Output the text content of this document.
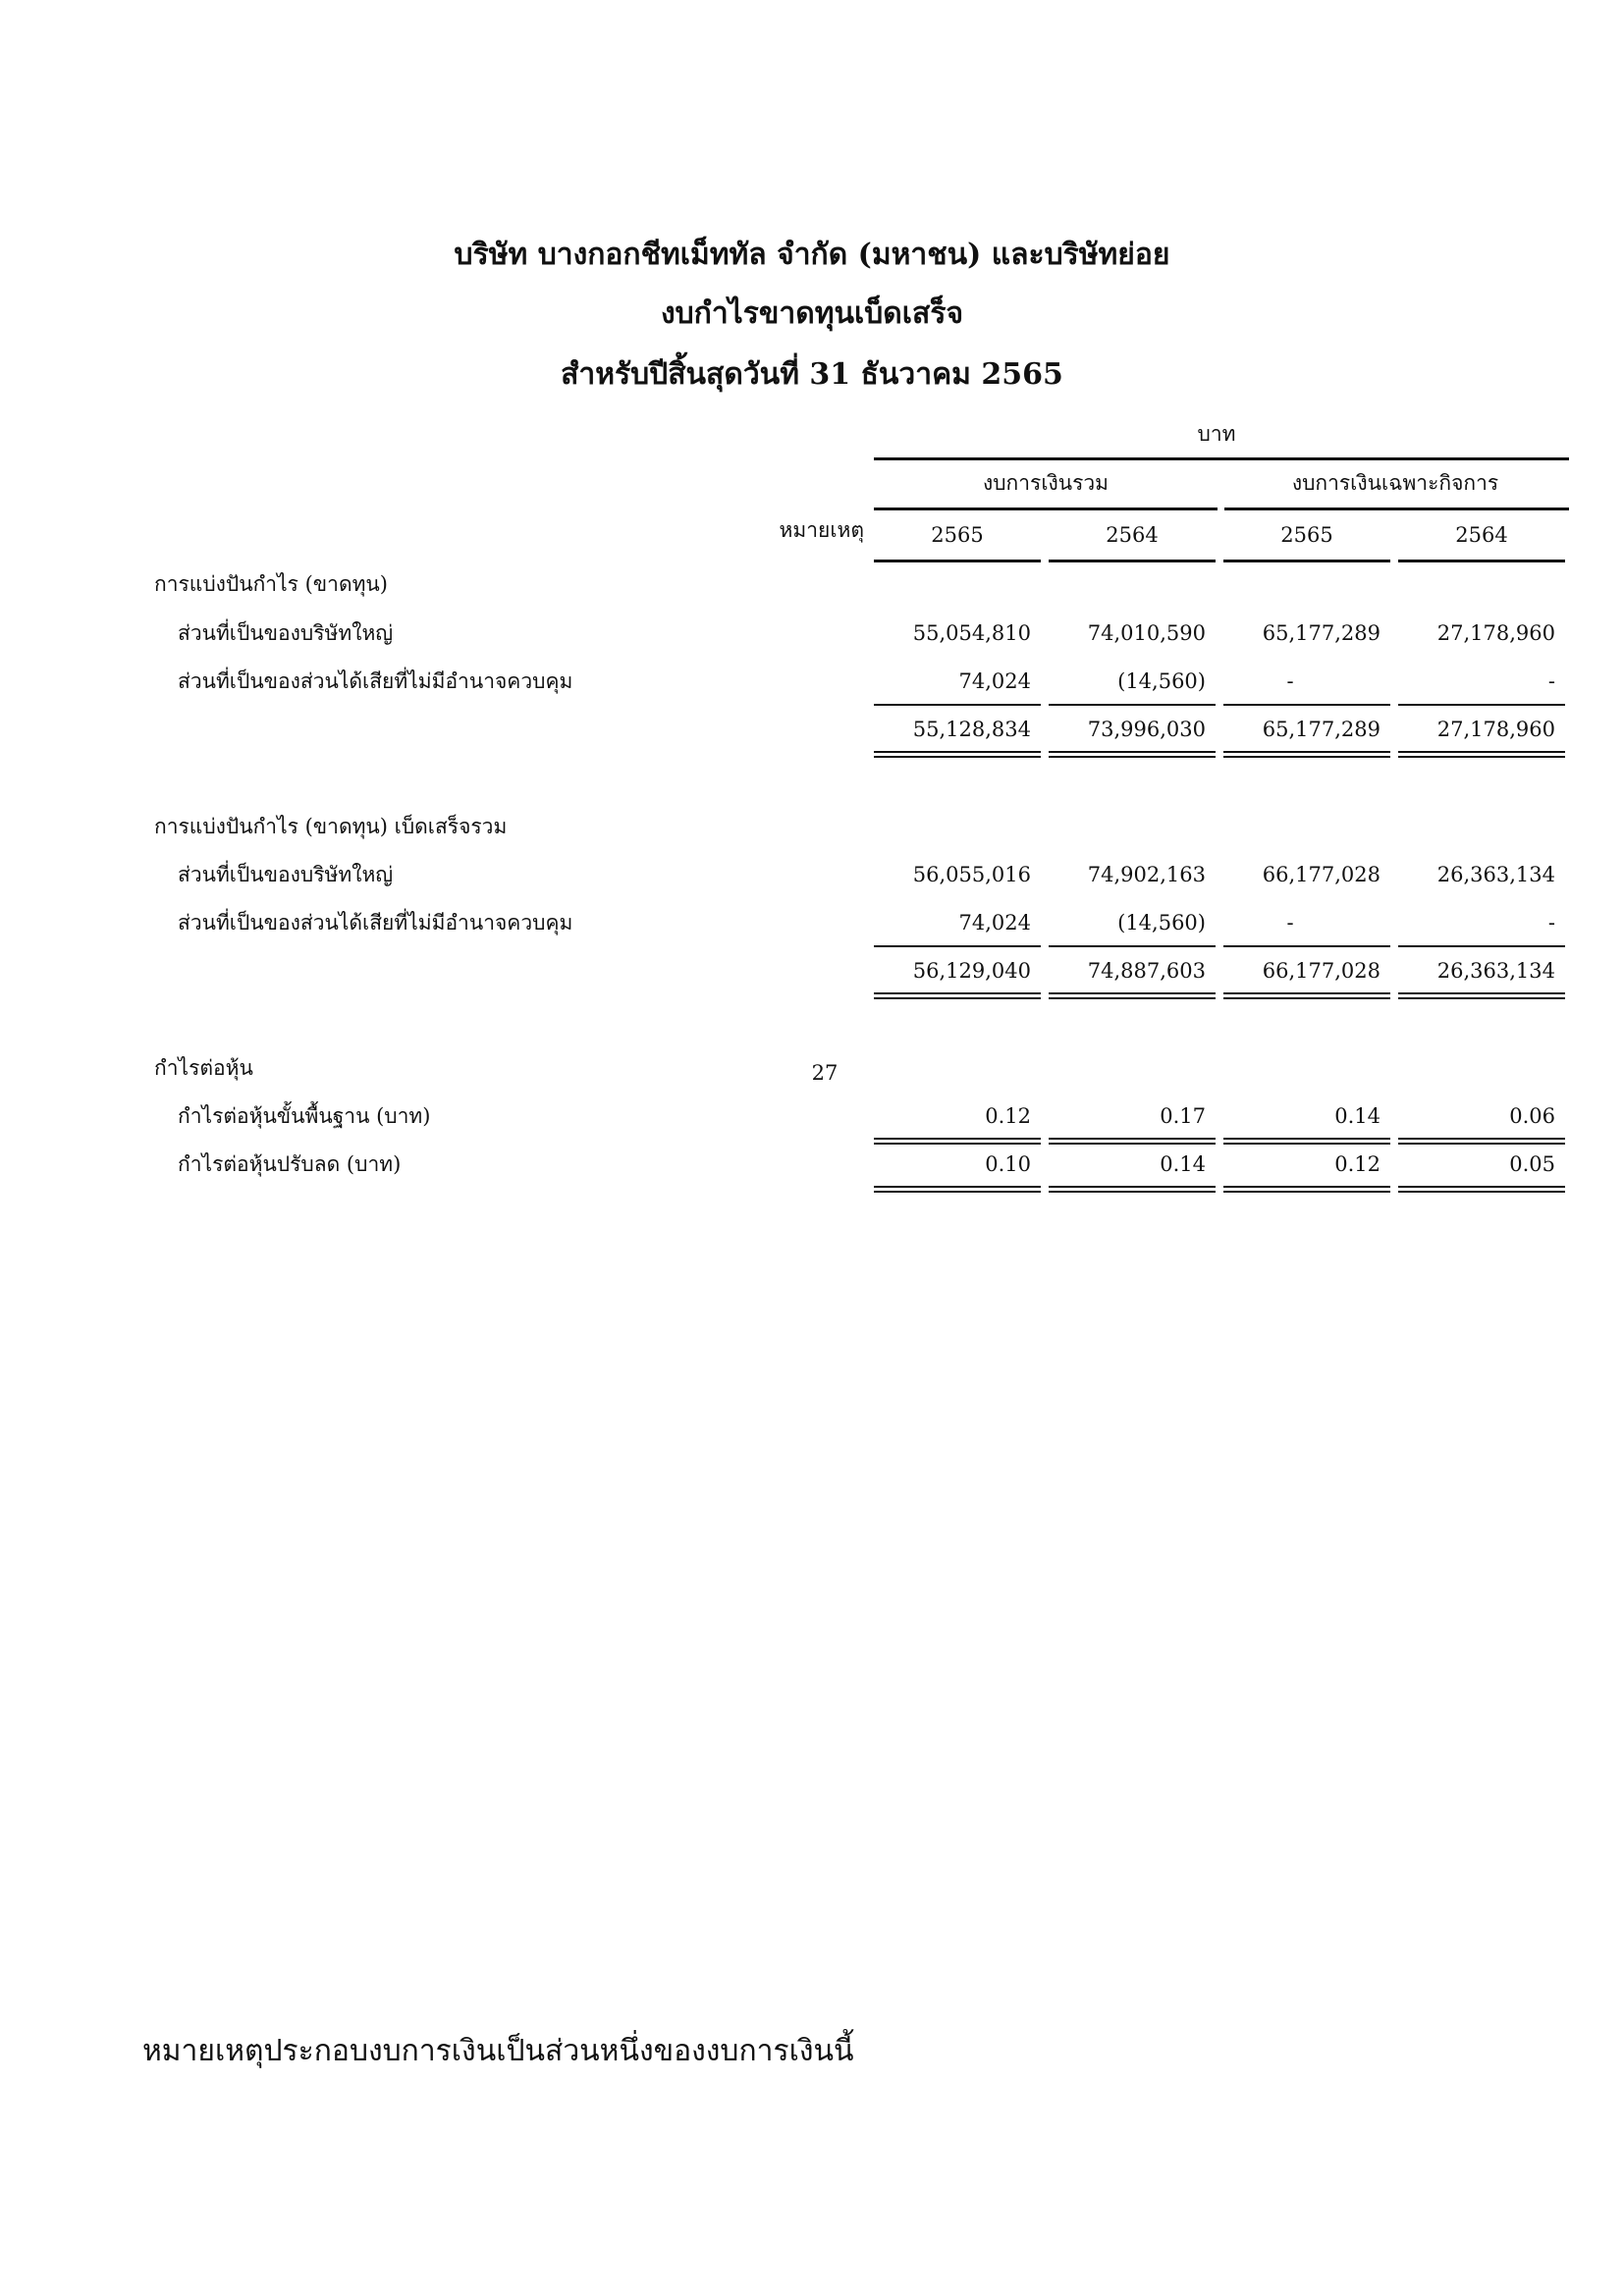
บริษัท บางกอกชีทเม็ททัล จำกัด (มหาชน) และบริษัทย่อย
งบกำไรขาดทุนเบ็ดเสร็จ
สำหรับปีสิ้นสุดวันที่ 31 ธันวาคม 2565
บาท
งบการเงินรวม	งบการเงินเฉพาะกิจการ
หมายเหตุ	2565	2564	2565	2564
การแบ่งปันกำไร (ขาดทุน)
ส่วนที่เป็นของบริษัทใหญ่	55,054,810	74,010,590	65,177,289	27,178,960
ส่วนที่เป็นของส่วนได้เสียที่ไม่มีอำนาจควบคุม	74,024	(14,560)	-	-
55,128,834	73,996,030	65,177,289	27,178,960
การแบ่งปันกำไร (ขาดทุน) เบ็ดเสร็จรวม
ส่วนที่เป็นของบริษัทใหญ่	56,055,016	74,902,163	66,177,028	26,363,134
ส่วนที่เป็นของส่วนได้เสียที่ไม่มีอำนาจควบคุม	74,024	(14,560)	-	-
56,129,040	74,887,603	66,177,028	26,363,134
กำไรต่อหุ้น	27
กำไรต่อหุ้นขั้นพื้นฐาน (บาท)	0.12	0.17	0.14	0.06
กำไรต่อหุ้นปรับลด (บาท)	0.10	0.14	0.12	0.05
หมายเหตุประกอบงบการเงินเป็นส่วนหนึ่งของงบการเงินนี้
